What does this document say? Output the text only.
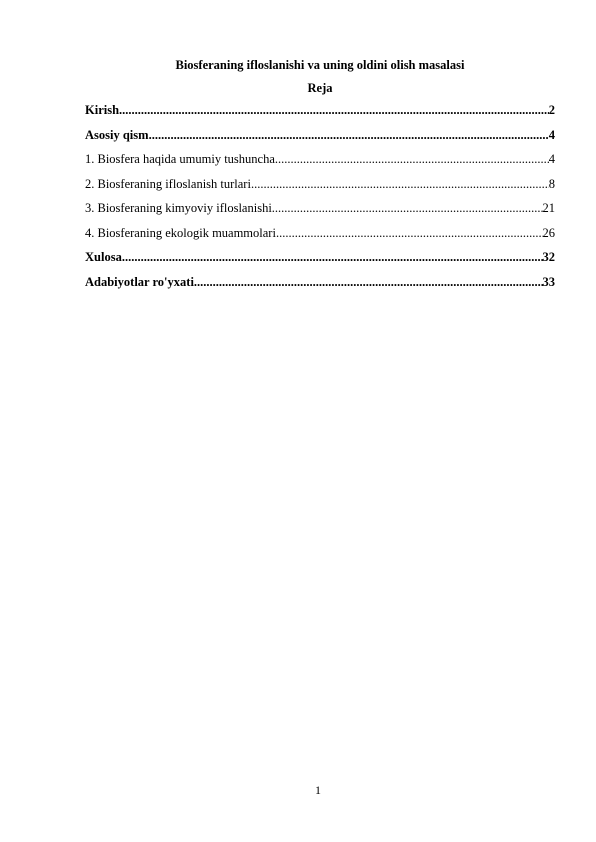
Biosferaning ifloslanishi va uning oldini olish masalasi
Reja
Kirish .....	2
Asosiy qism .....	4
1. Biosfera haqida umumiy tushuncha .....	4
2. Biosferaning ifloslanish turlari .....	8
3. Biosferaning kimyoviy ifloslanishi .....	21
4. Biosferaning ekologik muammolari .....	26
Xulosa .....	32
Adabiyotlar ro'yxati .....	33
1
